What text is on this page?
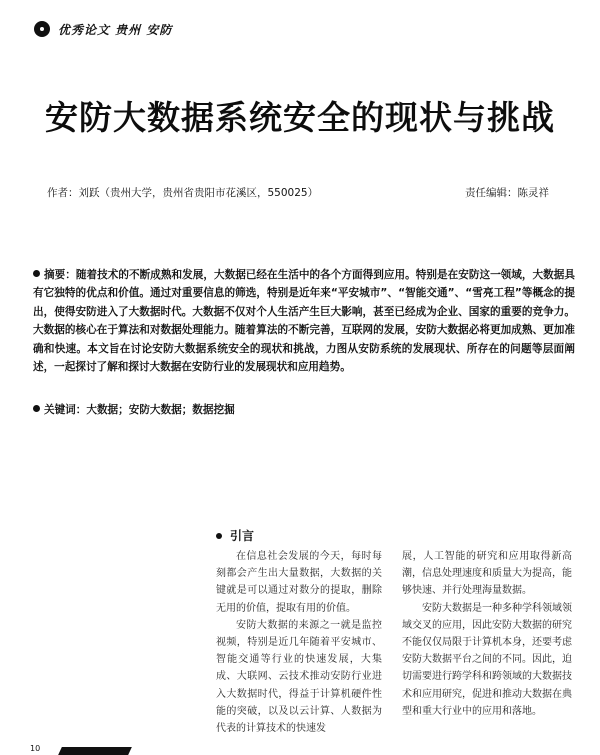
优秀论文 贵州 安防
安防大数据系统安全的现状与挑战
作者：刘跃（贵州大学，贵州省贵阳市花溪区，550025）	责任编辑：陈灵祥
摘要：随着技术的不断成熟和发展，大数据已经在生活中的各个方面得到应用。特别是在安防这一领域，大数据具有它独特的优点和价值。通过对重要信息的筛选，特别是近年来“平安城市”、“智能交通”、“雪亮工程”等概念的提出，使得安防进入了大数据时代。大数据不仅对个人生活产生巨大影响，甚至已经成为企业、国家的重要的竞争力。大数据的核心在于算法和对数据处理能力。随着算法的不断完善，互联网的发展，安防大数据必将更加成熟、更加准确和快速。本文旨在讨论安防大数据系统安全的现状和挑战，力图从安防系统的发展现状、所存在的问题等层面阐述，一起探讨了解和探讨大数据在安防行业的发展现状和应用趋势。
关键词：大数据；安防大数据；数据挖掘
引言

在信息社会发展的今天，每时每刻都会产生出大量数据，大数据的关键就是可以通过对数分的提取，删除无用的价值，提取有用的价值。

安防大数据的来源之一就是监控视频，特别是近几年随着平安城市、智能交通等行业的快速发展，大集成、大联网、云技术推动安防行业进入大数据时代，得益于计算机硬件性能的突破，以及以云计算、人数据为代表的计算技术的快速发

展，人工智能的研究和应用取得新高潮，信息处理速度和质量大为提高，能够快速、并行处理海量数据。

安防大数据是一种多种学科领域领域交叉的应用，因此安防大数据的研究不能仅仅局限于计算机本身，还要考虑安防大数据平台之间的不同。因此，迫切需要进行跨学科和跨领域的大数据技术和应用研究，促进和推动大数据在典型和重大行业中的应用和落地。

10
